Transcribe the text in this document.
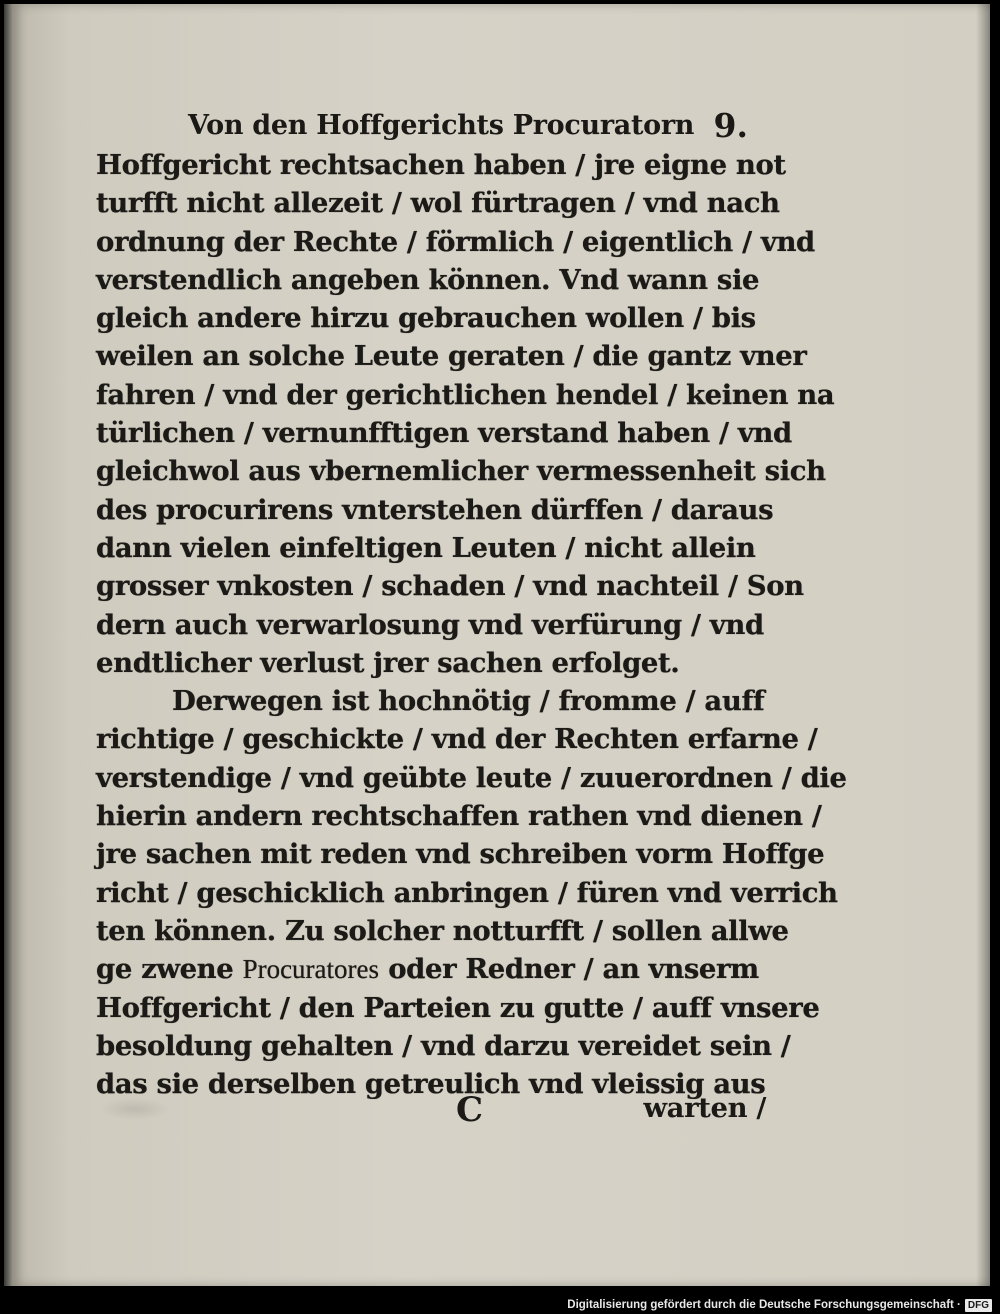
Von den Hoffgerichts Procuratorn 9.
Hoffgericht rechtsachen haben / jre eigne not
turfft nicht allezeit / wol fürtragen / vnd nach
ordnung der Rechte / förmlich / eigentlich / vnd
verstendlich angeben können. Vnd wann sie
gleich andere hirzu gebrauchen wollen / bis
weilen an solche Leute geraten / die gantz vner
fahren / vnd der gerichtlichen hendel / keinen na
türlichen / vernunfftigen verstand haben / vnd
gleichwol aus vbernemlicher vermessenheit sich
des procurirens vnterstehen dürffen / daraus
dann vielen einfeltigen Leuten / nicht allein
grosser vnkosten / schaden / vnd nachteil / Son
dern auch verwarlosung vnd verfürung / vnd
endtlicher verlust jrer sachen erfolget.
Derwegen ist hochnötig / fromme / auff
richtige / geschickte / vnd der Rechten erfarne /
verstendige / vnd geübte leute / zuuerordnen / die
hierin andern rechtschaffen rathen vnd dienen /
jre sachen mit reden vnd schreiben vorm Hoffge
richt / geschicklich anbringen / füren vnd verrich
ten können. Zu solcher notturfft / sollen allwe
ge zwene Procuratores oder Redner / an vnserm
Hoffgericht / den Parteien zu gutte / auff vnsere
besoldung gehalten / vnd darzu vereidet sein /
das sie derselben getreulich vnd vleissig aus
C	warten /
Digitalisierung gefördert durch die Deutsche Forschungsgemeinschaft · DFG
